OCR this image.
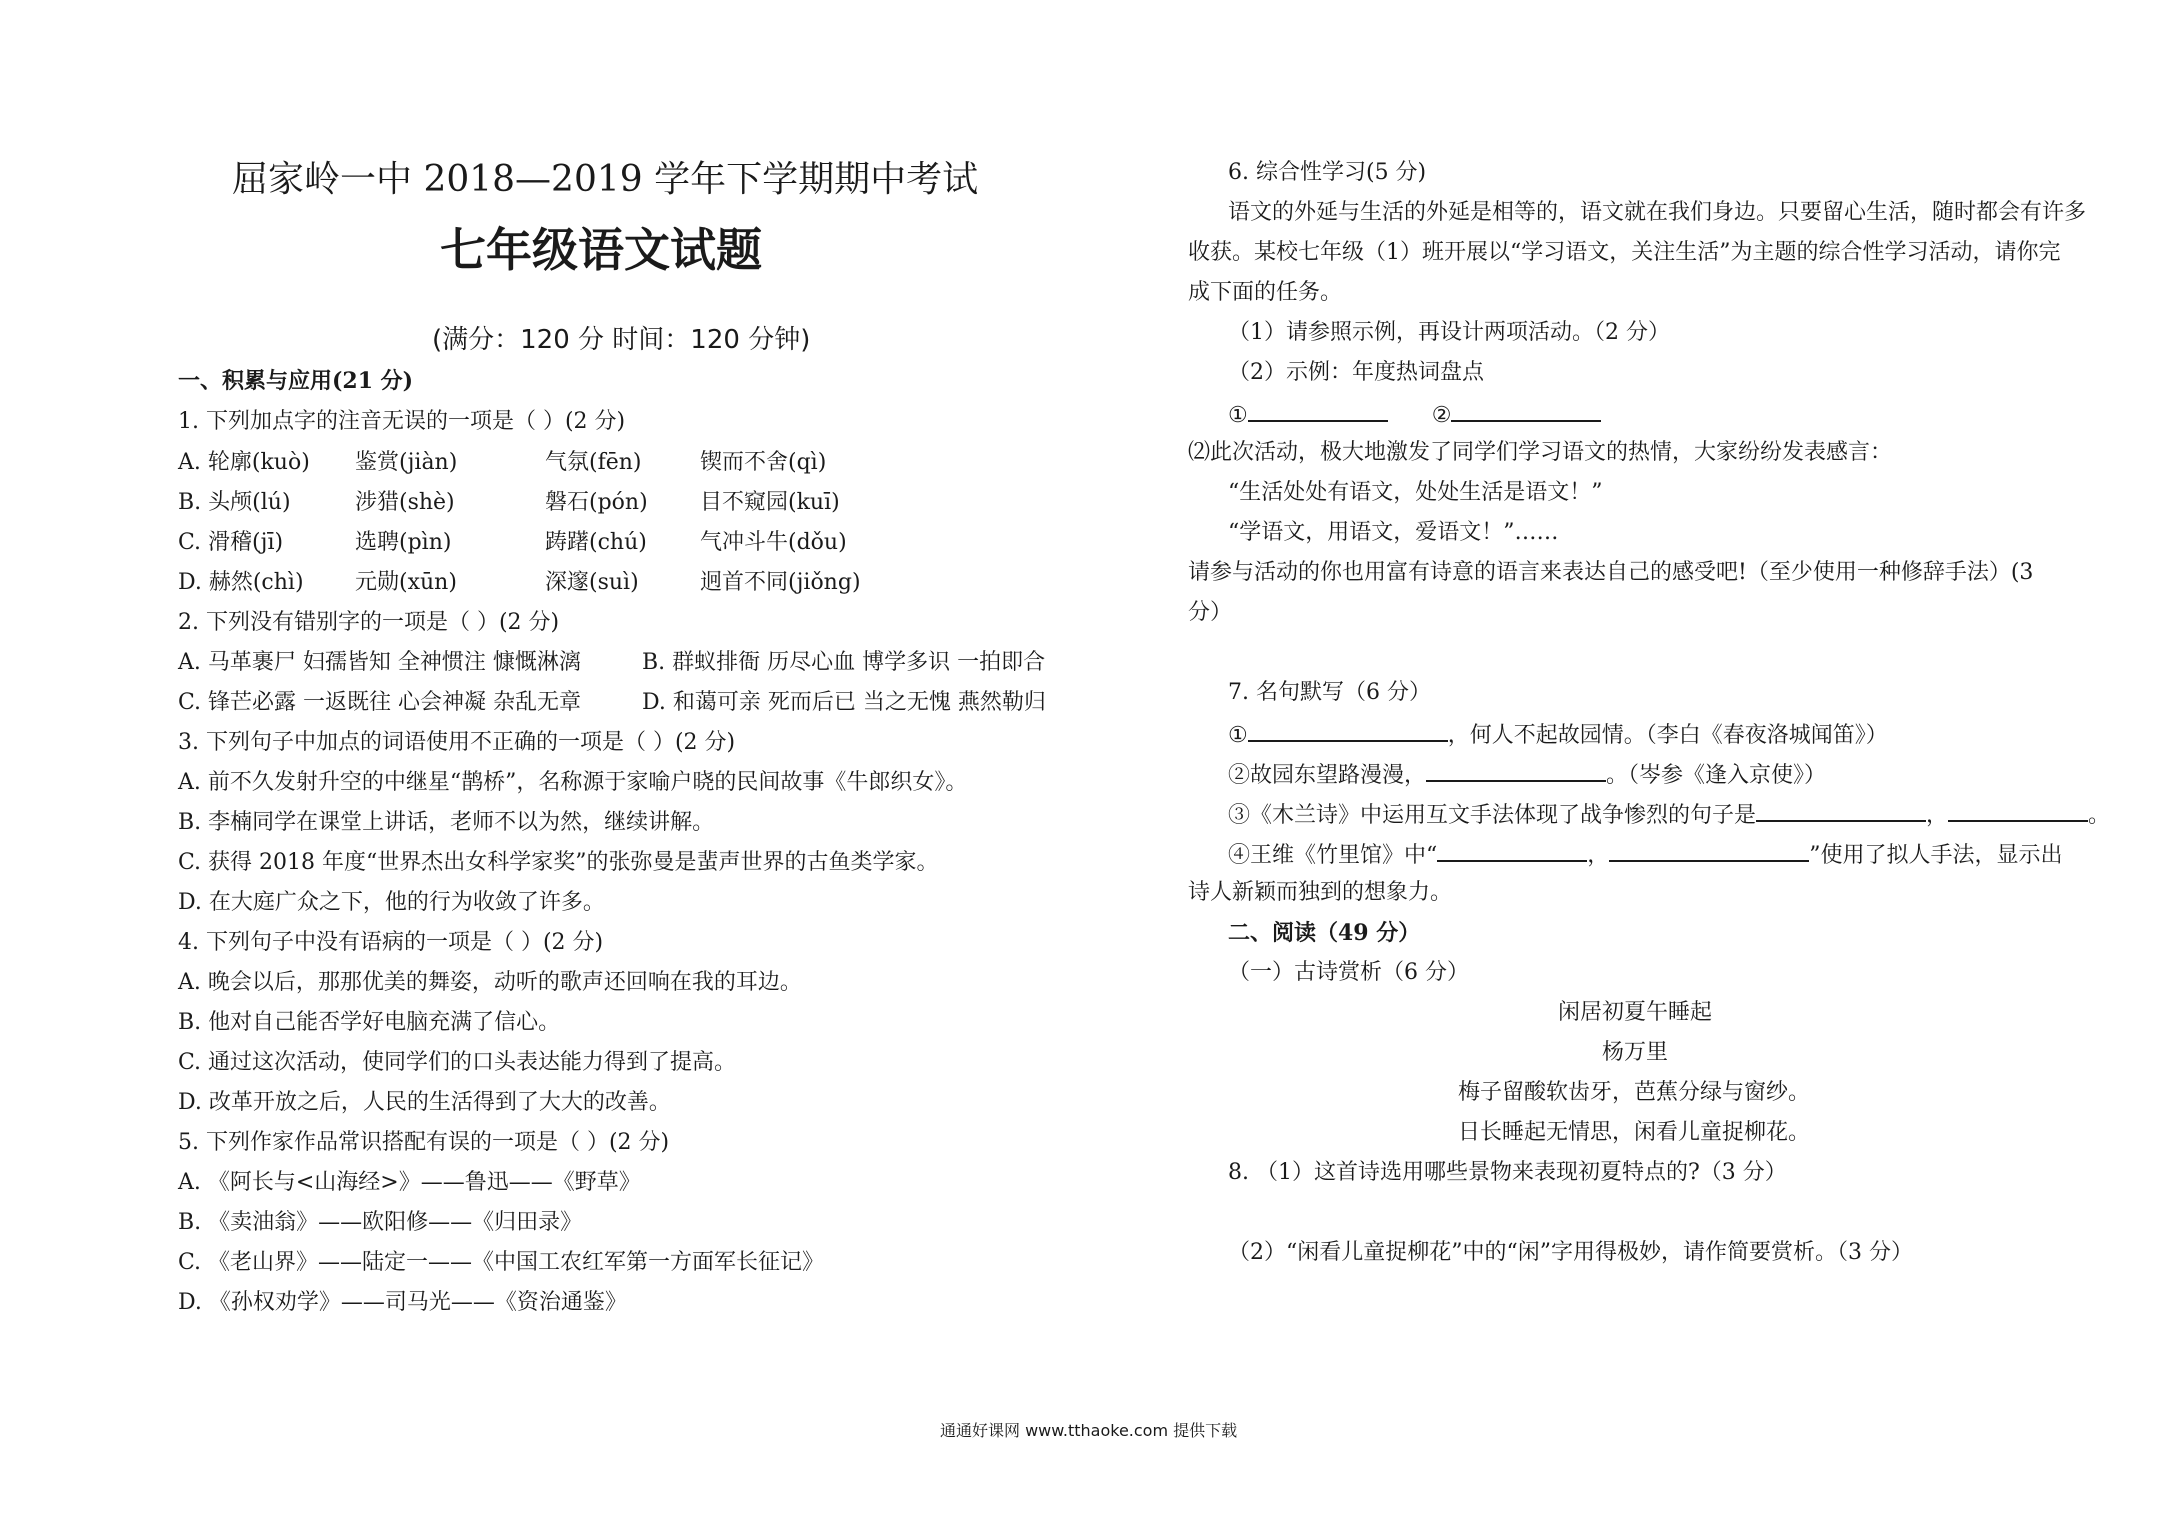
屈家岭一中 2018—2019 学年下学期期中考试
七年级语文试题
(满分：120 分 时间：120 分钟)
一、积累与应用(21 分)
1. 下列加点字的注音无误的一项是（ ）(2 分)
A. 轮廓(kuò) 鉴赏(jiàn)	气氛(fēn)	锲而不舍(qì)
B. 头颅(lú)	涉猎(shè)	磐石(pón) 目不窥园(kuī)
C. 滑稽(jī)	选聘(pìn)	踌躇(chú) 气冲斗牛(dǒu)
D. 赫然(chì) 元勋(xūn)	深邃(suì)	迥首不同(jiǒng)
2. 下列没有错别字的一项是（ ）(2 分)
A. 马革裹尸 妇孺皆知 全神惯注 慷慨淋漓	B. 群蚁排衙 历尽心血 博学多识 一拍即合
C. 锋芒必露 一返既往 心会神凝 杂乱无章	D. 和蔼可亲 死而后已 当之无愧 燕然勒归
3. 下列句子中加点的词语使用不正确的一项是（ ）(2 分)
A. 前不久发射升空的中继星“鹊桥”，名称源于家喻户晓的民间故事《牛郎织女》。
B. 李楠同学在课堂上讲话，老师不以为然，继续讲解。
C. 获得 2018 年度“世界杰出女科学家奖”的张弥曼是蜚声世界的古鱼类学家。
D. 在大庭广众之下，他的行为收敛了许多。
4. 下列句子中没有语病的一项是（ ）(2 分)
A. 晚会以后，那那优美的舞姿，动听的歌声还回响在我的耳边。
B. 他对自己能否学好电脑充满了信心。
C. 通过这次活动，使同学们的口头表达能力得到了提高。
D. 改革开放之后，人民的生活得到了大大的改善。
5. 下列作家作品常识搭配有误的一项是（ ）(2 分)
A. 《阿长与<山海经>》——鲁迅——《野草》
B. 《卖油翁》——欧阳修——《归田录》
C. 《老山界》——陆定一——《中国工农红军第一方面军长征记》
D. 《孙权劝学》——司马光——《资治通鉴》
6. 综合性学习(5 分)
语文的外延与生活的外延是相等的，语文就在我们身边。只要留心生活，随时都会有许多
收获。某校七年级（1）班开展以“学习语文，关注生活”为主题的综合性学习活动，请你完
成下面的任务。
（1）请参照示例，再设计两项活动。（2 分）
（2）示例：年度热词盘点
①	②
⑵此次活动，极大地激发了同学们学习语文的热情，大家纷纷发表感言：
“生活处处有语文，处处生活是语文！”
“学语文，用语文，爱语文！”……
请参与活动的你也用富有诗意的语言来表达自己的感受吧!（至少使用一种修辞手法）(3
分）
7. 名句默写（6 分）
①	，何人不起故园情。（李白《春夜洛城闻笛》）
②故园东望路漫漫，	。（岑参《逢入京使》）
③《木兰诗》中运用互文手法体现了战争惨烈的句子是	，	。
④王维《竹里馆》中“	，	”使用了拟人手法，显示出
诗人新颖而独到的想象力。
二、阅读（49 分）
（一）古诗赏析（6 分）
闲居初夏午睡起
杨万里
梅子留酸软齿牙，芭蕉分绿与窗纱。
日长睡起无情思，闲看儿童捉柳花。
8. （1）这首诗选用哪些景物来表现初夏特点的?（3 分）
（2）“闲看儿童捉柳花”中的“闲”字用得极妙，请作简要赏析。（3 分）
通通好课网 www.tthaoke.com 提供下载
